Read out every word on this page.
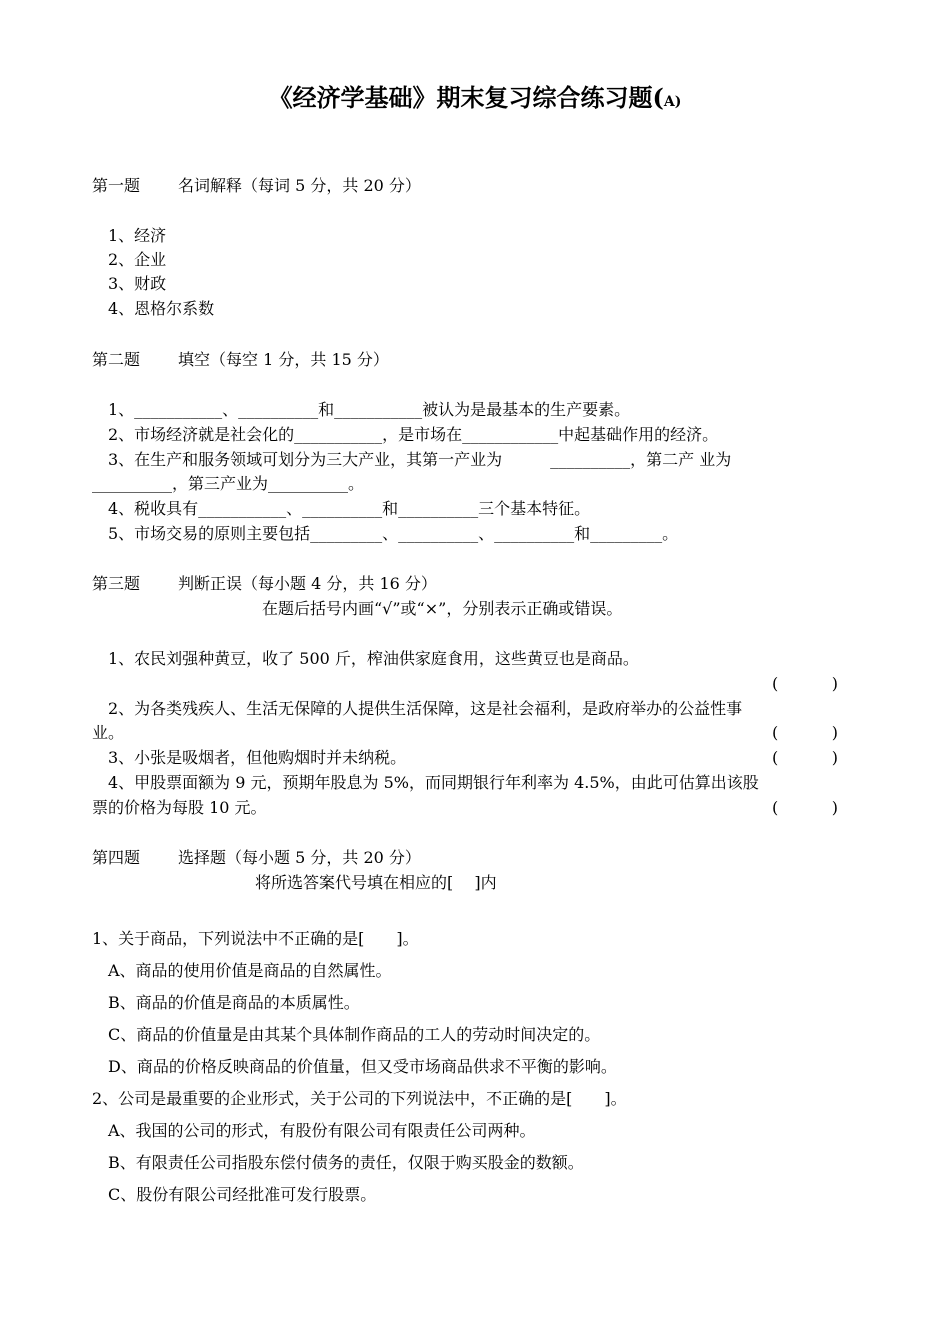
《经济学基础》期末复习综合练习题(A)
第一题 名词解释（每词 5 分，共 20 分）
1、经济
2、企业
3、财政
4、恩格尔系数
第二题 填空（每空 1 分，共 15 分）
1、___________、__________和___________被认为是最基本的生产要素。
2、市场经济就是社会化的___________，是市场在____________中起基础作用的经济。
3、在生产和服务领域可划分为三大产业，其第一产业为　　　__________，第二产 业为
__________，第三产业为__________。
4、税收具有___________、__________和__________三个基本特征。
5、市场交易的原则主要包括_________、__________、__________和_________。
第三题 判断正误（每小题 4 分，共 16 分）
在题后括号内画“√”或“×”，分别表示正确或错误。
1、农民刘强种黄豆，收了 500 斤，榨油供家庭食用，这些黄豆也是商品。
(	)
2、为各类残疾人、生活无保障的人提供生活保障，这是社会福利，是政府举办的公益性事
业。	(	)
3、小张是吸烟者，但他购烟时并未纳税。	(	)
4、甲股票面额为 9 元，预期年股息为 5%，而同期银行年利率为 4.5%，由此可估算出该股
票的价格为每股 10 元。	(	)
第四题 选择题（每小题 5 分，共 20 分）
将所选答案代号填在相应的[　 ]内
1、关于商品，下列说法中不正确的是[　　]。
A、商品的使用价值是商品的自然属性。
B、商品的价值是商品的本质属性。
C、商品的价值量是由其某个具体制作商品的工人的劳动时间决定的。
D、商品的价格反映商品的价值量，但又受市场商品供求不平衡的影响。
2、公司是最重要的企业形式，关于公司的下列说法中，不正确的是[　　]。
A、我国的公司的形式，有股份有限公司有限责任公司两种。
B、有限责任公司指股东偿付债务的责任，仅限于购买股金的数额。
C、股份有限公司经批准可发行股票。
